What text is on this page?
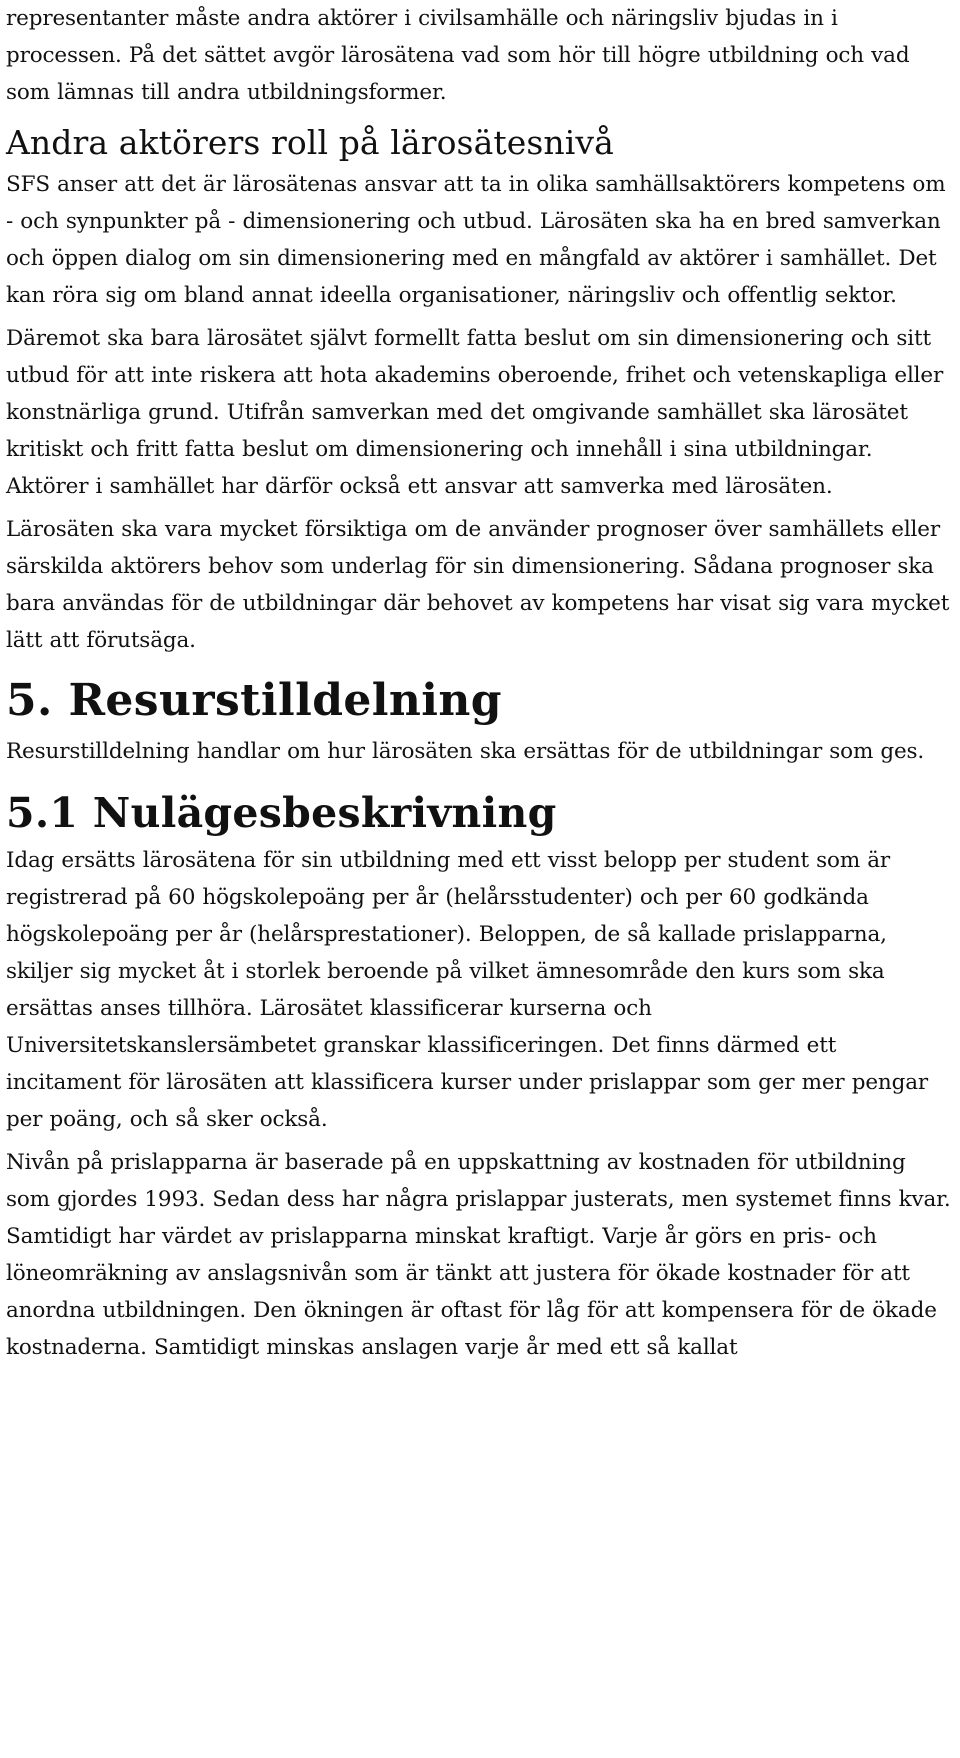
representanter måste andra aktörer i civilsamhälle och näringsliv bjudas in i processen. På det sättet avgör lärosätena vad som hör till högre utbildning och vad som lämnas till andra utbildningsformer.

Andra aktörers roll på lärosätesnivå

SFS anser att det är lärosätenas ansvar att ta in olika samhällsaktörers kompetens om - och synpunkter på - dimensionering och utbud. Lärosäten ska ha en bred samverkan och öppen dialog om sin dimensionering med en mångfald av aktörer i samhället. Det kan röra sig om bland annat ideella organisationer, näringsliv och offentlig sektor.

Däremot ska bara lärosätet självt formellt fatta beslut om sin dimensionering och sitt utbud för att inte riskera att hota akademins oberoende, frihet och vetenskapliga eller konstnärliga grund. Utifrån samverkan med det omgivande samhället ska lärosätet kritiskt och fritt fatta beslut om dimensionering och innehåll i sina utbildningar. Aktörer i samhället har därför också ett ansvar att samverka med lärosäten.

Lärosäten ska vara mycket försiktiga om de använder prognoser över samhällets eller särskilda aktörers behov som underlag för sin dimensionering. Sådana prognoser ska bara användas för de utbildningar där behovet av kompetens har visat sig vara mycket lätt att förutsäga.

5. Resurstilldelning

Resurstilldelning handlar om hur lärosäten ska ersättas för de utbildningar som ges.

5.1 Nulägesbeskrivning

Idag ersätts lärosätena för sin utbildning med ett visst belopp per student som är registrerad på 60 högskolepoäng per år (helårsstudenter) och per 60 godkända högskolepoäng per år (helårsprestationer). Beloppen, de så kallade prislapparna, skiljer sig mycket åt i storlek beroende på vilket ämnesområde den kurs som ska ersättas anses tillhöra. Lärosätet klassificerar kurserna och Universitetskanslersämbetet granskar klassificeringen. Det finns därmed ett incitament för lärosäten att klassificera kurser under prislappar som ger mer pengar per poäng, och så sker också.

Nivån på prislapparna är baserade på en uppskattning av kostnaden för utbildning som gjordes 1993. Sedan dess har några prislappar justerats, men systemet finns kvar. Samtidigt har värdet av prislapparna minskat kraftigt. Varje år görs en pris- och löneomräkning av anslagsnivån som är tänkt att justera för ökade kostnader för att anordna utbildningen. Den ökningen är oftast för låg för att kompensera för de ökade kostnaderna. Samtidigt minskas anslagen varje år med ett så kallat
